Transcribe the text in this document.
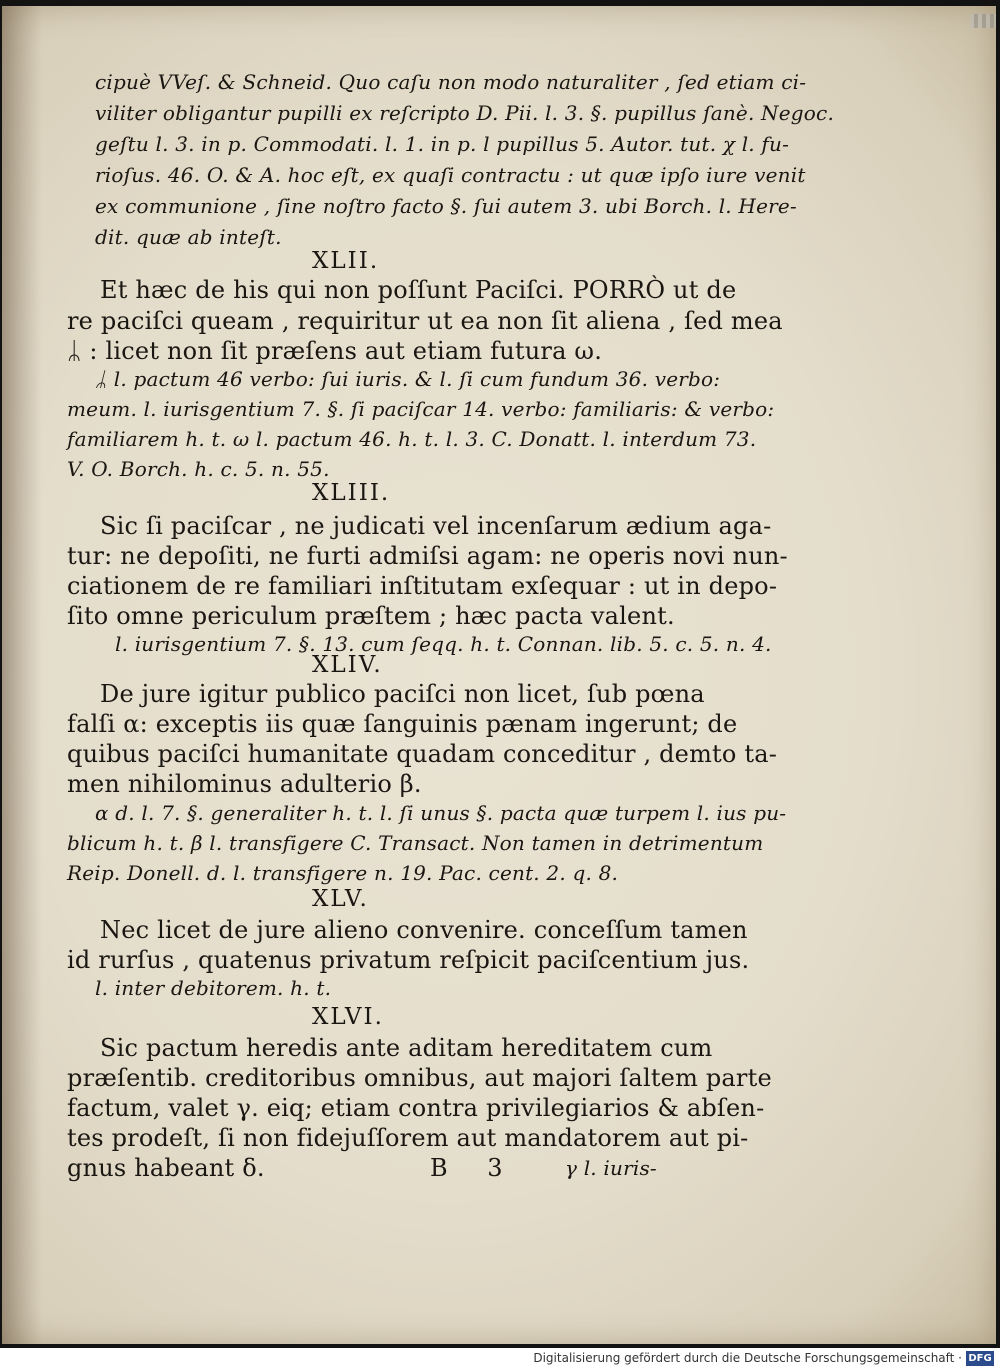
cipuè VVeſ. & Schneid. Quo caſu non modo naturaliter , ſed etiam ci-
viliter obligantur pupilli ex reſcripto D. Pii. l. 3. §. pupillus ſanè. Negoc.
geſtu l. 3. in p. Commodati. l. 1. in p. l pupillus 5. Autor. tut. χ l. fu-
rioſus. 46. O. & A. hoc eſt, ex quaſi contractu : ut quæ ipſo iure venit
ex communione , ſine noſtro facto §. ſui autem 3. ubi Borch. l. Here-
dit. quæ ab inteſt.
XLII.
Et hæc de his qui non poſſunt Paciſci. PORRÒ ut de
re paciſci queam , requiritur ut ea non ſit aliena , ſed mea
ᛦ : licet non ſit præſens aut etiam futura ω.
ᛦ l. pactum 46 verbo: ſui iuris. & l. ſi cum fundum 36. verbo:
meum. l. iurisgentium 7. §. ſi paciſcar 14. verbo: familiaris: & verbo:
familiarem h. t. ω l. pactum 46. h. t. l. 3. C. Donatt. l. interdum 73.
V. O. Borch. h. c. 5. n. 55.
XLIII.
Sic ſi paciſcar , ne judicati vel incenſarum ædium aga-
tur: ne depoſiti, ne furti admiſsi agam: ne operis novi nun-
ciationem de re familiari inſtitutam exſequar : ut in depo-
ſito omne periculum præſtem ; hæc pacta valent.
l. iurisgentium 7. §. 13. cum ſeqq. h. t. Connan. lib. 5. c. 5. n. 4.
XLIV.
De jure igitur publico paciſci non licet, ſub pœna
falſi α: exceptis iis quæ ſanguinis pænam ingerunt; de
quibus paciſci humanitate quadam conceditur , demto ta-
men nihilominus adulterio β.
α d. l. 7. §. generaliter h. t. l. ſi unus §. pacta quæ turpem l. ius pu-
blicum h. t. β l. transfigere C. Transact. Non tamen in detrimentum
Reip. Donell. d. l. transfigere n. 19. Pac. cent. 2. q. 8.
XLV.
Nec licet de jure alieno convenire. conceſſum tamen
id rurſus , quatenus privatum reſpicit paciſcentium jus.
l. inter debitorem. h. t.
XLVI.
Sic pactum heredis ante aditam hereditatem cum
præſentib. creditoribus omnibus, aut majori ſaltem parte
factum, valet γ. eiq; etiam contra privilegiarios & abſen-
tes prodeſt, ſi non fidejuſſorem aut mandatorem aut pi-
gnus habeant δ.	B 3 γ l. iuris-
Digitalisierung gefördert durch die Deutsche Forschungsgemeinschaft · DFG
